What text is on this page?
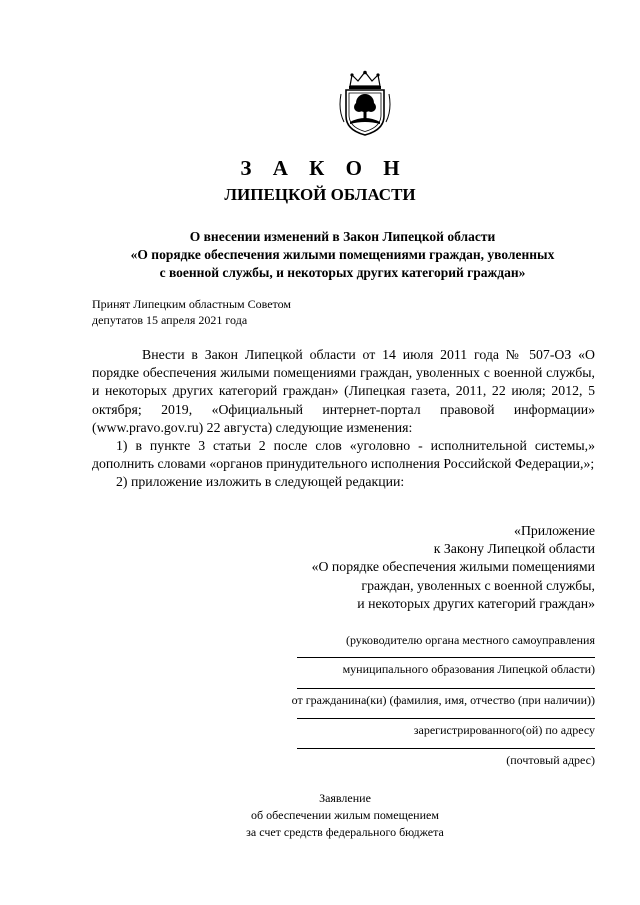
З А К О Н
ЛИПЕЦКОЙ ОБЛАСТИ
О внесении изменений в Закон Липецкой области
«О порядке обеспечения жилыми помещениями граждан, уволенных
с военной службы, и некоторых других категорий граждан»
Принят Липецким областным Советом
депутатов 15 апреля 2021 года

Внести в Закон Липецкой области от 14 июля 2011 года № 507-ОЗ «О порядке обеспечения жилыми помещениями граждан, уволенных с военной службы, и некоторых других категорий граждан» (Липецкая газета, 2011, 22 июля; 2012, 5 октября; 2019, «Официальный интернет-портал правовой информации» (www.pravo.gov.ru) 22 августа) следующие изменения:

1) в пункте 3 статьи 2 после слов «уголовно - исполнительной системы,» дополнить словами «органов принудительного исполнения Российской Федерации,»;

2) приложение изложить в следующей редакции:

«Приложение
к Закону Липецкой области
«О порядке обеспечения жилыми помещениями
граждан, уволенных с военной службы,
и некоторых других категорий граждан»
(руководителю органа местного самоуправления
муниципального образования Липецкой области)
от гражданина(ки) (фамилия, имя, отчество (при наличии))
зарегистрированного(ой) по адресу
(почтовый адрес)
Заявление
об обеспечении жилым помещением
за счет средств федерального бюджета
